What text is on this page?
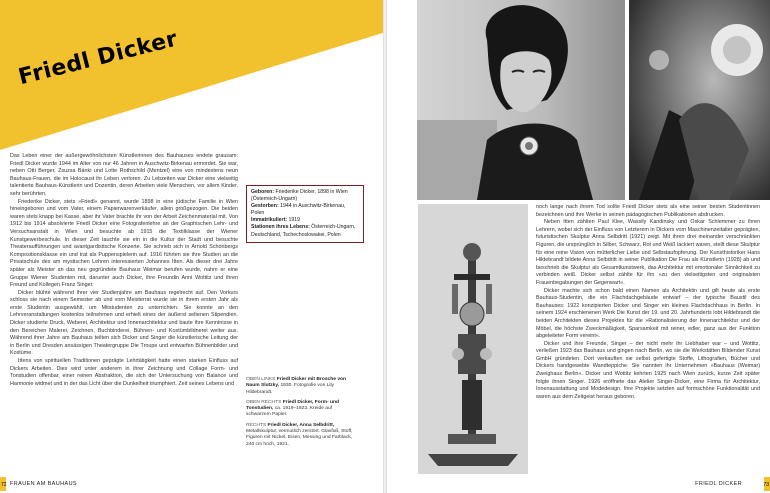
Friedl Dicker

Das Leben einer der außergewöhnlichsten Künstlerinnen des Bauhauses endete grausam: Friedl Dicker wurde 1944 im Alter von nur 46 Jahren in Auschwitz-Birkenau ermordet. Sie war, neben Otti Berger, Zsuzsa Bánki und Lotte Rothschild (Mentzel) eine von mindestens neun Bauhaus-Frauen, die im Holocaust ihr Leben verloren. Zu Lebzeiten war Dicker eine vielseitig talentierte Bauhaus-Künstlerin und Dozentin, deren Arbeiten viele Menschen, vor allem Kinder, sehr berührten.

Friederike Dicker, stets »Friedl« genannt, wurde 1898 in eine jüdische Familie in Wien hineingeboren und vom Vater, einem Papierwarenverkäufer, allein großgezogen. Die beiden waren stets knapp bei Kasse, aber ihr Vater brachte ihr von der Arbeit Zeichenmaterial mit. Von 1912 bis 1914 absolvierte Friedl Dicker eine Fotografenlehre an der Graphischen Lehr- und Versuchsanstalt in Wien und besuchte ab 1915 die Textilklasse der Wiener Kunstgewerbeschule. In dieser Zeit tauchte sie ein in die Kultur der Stadt und besuchte Theateraufführungen und avantgardistische Konzerte. Sie schrieb sich in Arnold Schönbergs Kompositionsklasse ein und trat als Puppenspielerin auf. 1916 führten sie ihre Studien an die Privatschule des am mystischen Lehren interessierten Johannes Itten. Als dieser drei Jahre später als Meister an das neu gegründete Bauhaus Weimar berufen wurde, nahm er eine Gruppe Wiener Studenten mit, darunter auch Dicker, ihre Freundin Anni Wottitz und ihren Freund und Kollegen Franz Singer.

Dicker blühte während ihrer vier Studienjahre am Bauhaus regelrecht auf. Den Vorkurs schloss sie nach einem Semester ab und vom Meisterrat wurde sie in ihrem ersten Jahr als erste Studentin ausgewählt, um Mitstudenten zu unterrichten. Sie konnte an den Lehrveranstaltungen kostenlos teilnehmen und erhielt eines der äußerst seltenen Stipendien. Dicker studierte Druck, Weberei, Architektur und Innenarchitektur und baute ihre Kenntnisse in den Bereichen Malerei, Zeichnen, Buchbinderei, Bühnen- und Kostümbildnerei weiter aus. Während ihrer Jahre am Bauhaus teilten sich Dicker und Singer die künstlerische Leitung der in Berlin und Dresden ansässigen Theatergruppe Die Troupe und entwarfen Bühnenbilder und Kostüme.

Ittens von spirituellen Traditionen geprägte Lehrtätigkeit hatte einen starken Einfluss auf Dickers Arbeiten. Dies wird unter anderem in ihrer Zeichnung und Collage Form- und Tonstudien offenbar, einer reinen Abstraktion, die sich der Untersuchung von Balance und Harmonie widmet und in der das Licht über die Dunkelheit triumphiert. Zeit seines Lebens und

Geboren: Friederike Dicker, 1898 in Wien (Österreich-Ungarn)
Gestorben: 1944 in Auschwitz-Birkenau, Polen
Immatrikuliert: 1919
Stationen ihres Lebens: Österreich-Ungarn, Deutschland, Tschechoslowakei, Polen
OBEN LINKS Friedl Dicker mit Brosche von Naum Slutzky, 1930. Fotografie von Lily Hildebrandt.
OBEN RECHTS Friedl Dicker, Form- und Tonstudien, ca. 1919–1923. Kreide auf schwarzem Papier.
RECHTS Friedl Dicker, Anna Selbdritt, Metallskulptur, vermutlich zerstört. Glasfuß, Stoff, Figuren mit Nickel, Eisen, Messing und Farblack, 240 cm hoch, 1921.
72 FRAUEN AM BAUHAUS

noch lange nach ihrem Tod sollte Friedl Dicker stets als eine seiner besten Studentinnen bezeichnen und ihre Werke in seinen pädagogischen Publikationen abdrucken.

Neben Itten zählten Paul Klee, Wassily Kandinsky und Oskar Schlemmer zu ihren Lehrern, wobei sich der Einfluss von Letzterem in Dickers vom Maschinenzeitalter geprägten, futuristischen Skulptur Anna Selbdritt (1921) zeigt. Mit ihren drei ineinander verschränkten Figuren, die ursprünglich in Silber, Schwarz, Rot und Weiß lackiert waren, stellt diese Skulptur für eine reine Vision von mütterlicher Liebe und Selbstaufopferung. Der Kunsthistoriker Hans Hildebrandt bildete Anna Selbdritt in seiner Publikation Die Frau als Künstlerin (1928) ab und beschrieb die Skulptur als Gesamtkunstwerk, das Architektur mit emotionaler Sinnlichkeit zu verbinden weiß. Dicker selbst zählte für ihn »zu den vielseitigsten und originalsten Frauenbegabungen der Gegenwart«.

Dicker machte sich schon bald einen Namen als Architektin und gilt heute als erste Bauhaus-Studentin, die ein Flachdachgebäude entwarf – der typische Baustil des Bauhauses: 1922 konzipierten Dicker und Singer ein kleines Flachdachhaus in Berlin. In seinem 1924 erschienenen Werk Die Kunst der 19. und 20. Jahrhunderts lobt Hildebrandt die beiden Architekten dieses Projektes für die »Rationalisierung der Innenarchitektur und der Möbel, die höchste Zweckmäßigkeit, Sparsamkeit mit reiner, edler, ganz aus der Funktion abgeleiteter Form vereint«.

Dicker und ihre Freunde, Singer – der nicht mehr ihr Liebhaber war – und Wottitz, verließen 1923 das Bauhaus und gingen nach Berlin, wo sie die Werkstätten Bildender Kunst GmbH gründeten. Dort verkauften sie selbst gefertigte Stoffe, Lithografien, Bücher und Dickers handgewebte Wandteppiche. Sie nannten ihr Unternehmen »Bauhaus (Weimar) Zweighaus Berlin«. Dicker und Wottitz kehrten 1925 nach Wien zurück, kurze Zeit später folgte ihnen Singer. 1926 eröffnete das Atelier Singer-Dicker, eine Firma für Architektur, Innenausstattung und Modedesign. Ihre Projekte setzten auf formschöne Funktionalität und waren aus dem Zeitgeist heraus geboren.

FRIEDL DICKER	73
